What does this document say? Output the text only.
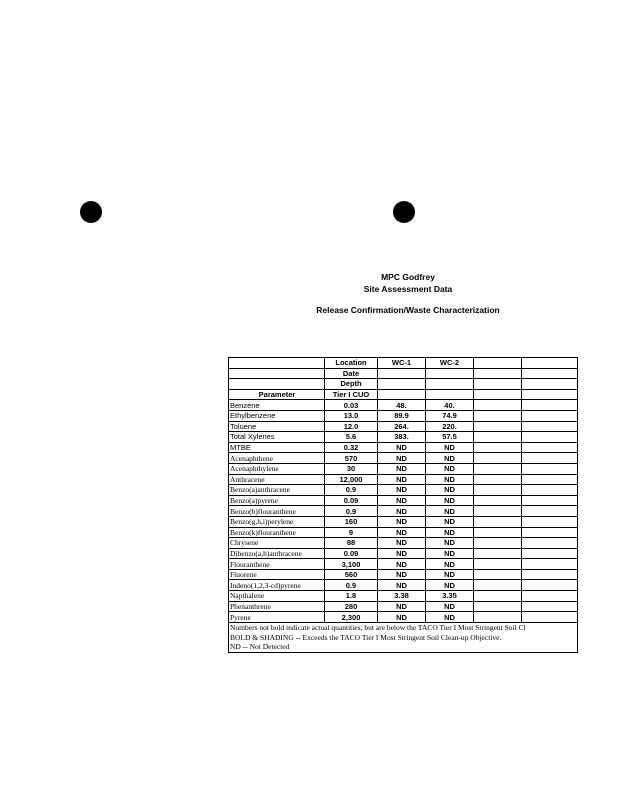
MPC Godfrey
Site Assessment Data
Release Confirmation/Waste Characterization
	Location	WC-1	WC-2		
	Date				
	Depth				
Parameter	Tier I CUO				
Benzene	0.03	48.	40.		
Ethylbenzene	13.0	89.9	74.9		
Toluene	12.0	264.	220.		
Total Xylenes	5.6	383.	57.5		
MTBE	0.32	ND	ND		
Acenaphthene	570	ND	ND		
Acenaphthylene	30	ND	ND		
Anthracene	12,000	ND	ND		
Benzo(a)anthracene	0.9	ND	ND		
Benzo(a)pyrene	0.09	ND	ND		
Benzo(b)flouranthene	0.9	ND	ND		
Benzo(g,h,i)perylene	160	ND	ND		
Benzo(k)flouranthene	9	ND	ND		
Chrysene	88	ND	ND		
Dibenzo(a,h)anthracene	0.09	ND	ND		
Flouranthene	3,100	ND	ND		
Fluorene	560	ND	ND		
Indeno(1,2,3-cd)pyrene	0.9	ND	ND		
Napthalene	1.8	3.38	3.35		
Phenanthrene	280	ND	ND		
Pyrene	2,300	ND	ND		
Numbers not bold indicate actual quantities, but are below the TACO Tier I Most Stringent Soil Cl					
BOLD & SHADING -- Exceeds the TACO Tier I Most Stringent Soil Clean-up Objective.					
ND -- Not Detected					
